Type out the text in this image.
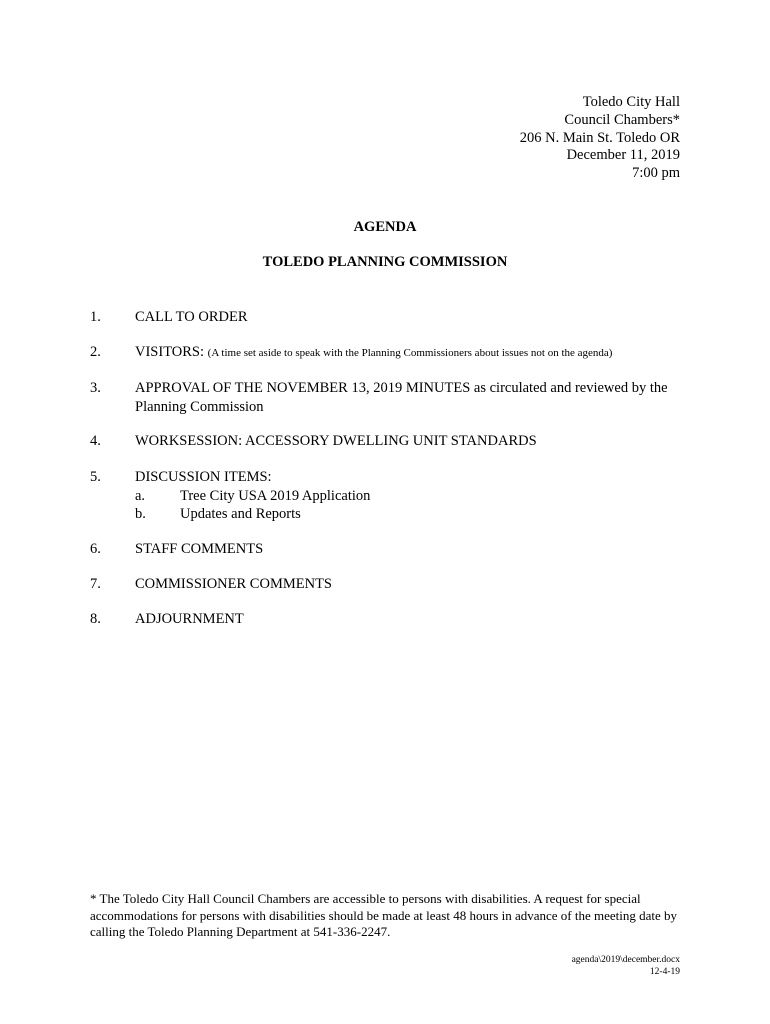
Toledo City Hall
Council Chambers*
206 N. Main St. Toledo OR
December 11, 2019
7:00 pm
AGENDA
TOLEDO PLANNING COMMISSION
1. CALL TO ORDER
2. VISITORS: (A time set aside to speak with the Planning Commissioners about issues not on the agenda)
3. APPROVAL OF THE NOVEMBER 13, 2019 MINUTES as circulated and reviewed by the Planning Commission
4. WORKSESSION: ACCESSORY DWELLING UNIT STANDARDS
5. DISCUSSION ITEMS:
a. Tree City USA 2019 Application
b. Updates and Reports
6. STAFF COMMENTS
7. COMMISSIONER COMMENTS
8. ADJOURNMENT
* The Toledo City Hall Council Chambers are accessible to persons with disabilities. A request for special accommodations for persons with disabilities should be made at least 48 hours in advance of the meeting date by calling the Toledo Planning Department at 541-336-2247.
agenda\2019\december.docx
12-4-19
